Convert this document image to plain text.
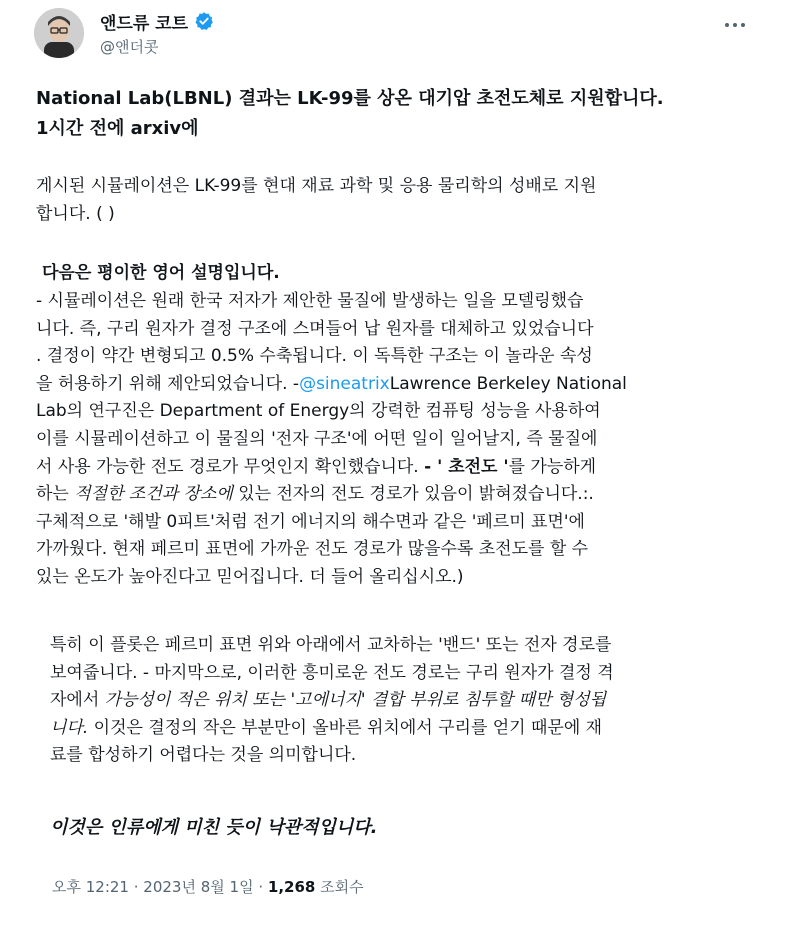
앤드류 코트
@앤더콧

National Lab(LBNL) 결과는 LK-99를 상온 대기압 초전도체로 지원합니다.
1시간 전에 arxiv에

게시된 시뮬레이션은 LK-99를 현대 재료 과학 및 응용 물리학의 성배로 지원
합니다. ( )

다음은 평이한 영어 설명입니다.

- 시뮬레이션은 원래 한국 저자가 제안한 물질에 발생하는 일을 모델링했습
니다. 즉, 구리 원자가 결정 구조에 스며들어 납 원자를 대체하고 있었습니다
. 결정이 약간 변형되고 0.5% 수축됩니다. 이 독특한 구조는 이 놀라운 속성
을 허용하기 위해 제안되었습니다. -@sineatrixLawrence Berkeley National
Lab의 연구진은 Department of Energy의 강력한 컴퓨팅 성능을 사용하여
이를 시뮬레이션하고 이 물질의 '전자 구조'에 어떤 일이 일어날지, 즉 물질에
서 사용 가능한 전도 경로가 무엇인지 확인했습니다. - ' 초전도 '를 가능하게
하는 적절한 조건과 장소에 있는 전자의 전도 경로가 있음이 밝혀졌습니다.:.
구체적으로 '해발 0피트'처럼 전기 에너지의 해수면과 같은 '페르미 표면'에
가까웠다. 현재 페르미 표면에 가까운 전도 경로가 많을수록 초전도를 할 수
있는 온도가 높아진다고 믿어집니다. 더 들어 올리십시오.)

특히 이 플롯은 페르미 표면 위와 아래에서 교차하는 '밴드' 또는 전자 경로를
보여줍니다. - 마지막으로, 이러한 흥미로운 전도 경로는 구리 원자가 결정 격
자에서 가능성이 적은 위치 또는 '고에너지' 결합 부위로 침투할 때만 형성됩
니다. 이것은 결정의 작은 부분만이 올바른 위치에서 구리를 얻기 때문에 재
료를 합성하기 어렵다는 것을 의미합니다.

이것은 인류에게 미친 듯이 낙관적입니다.

오후 12:21 · 2023년 8월 1일 · 1,268 조회수
